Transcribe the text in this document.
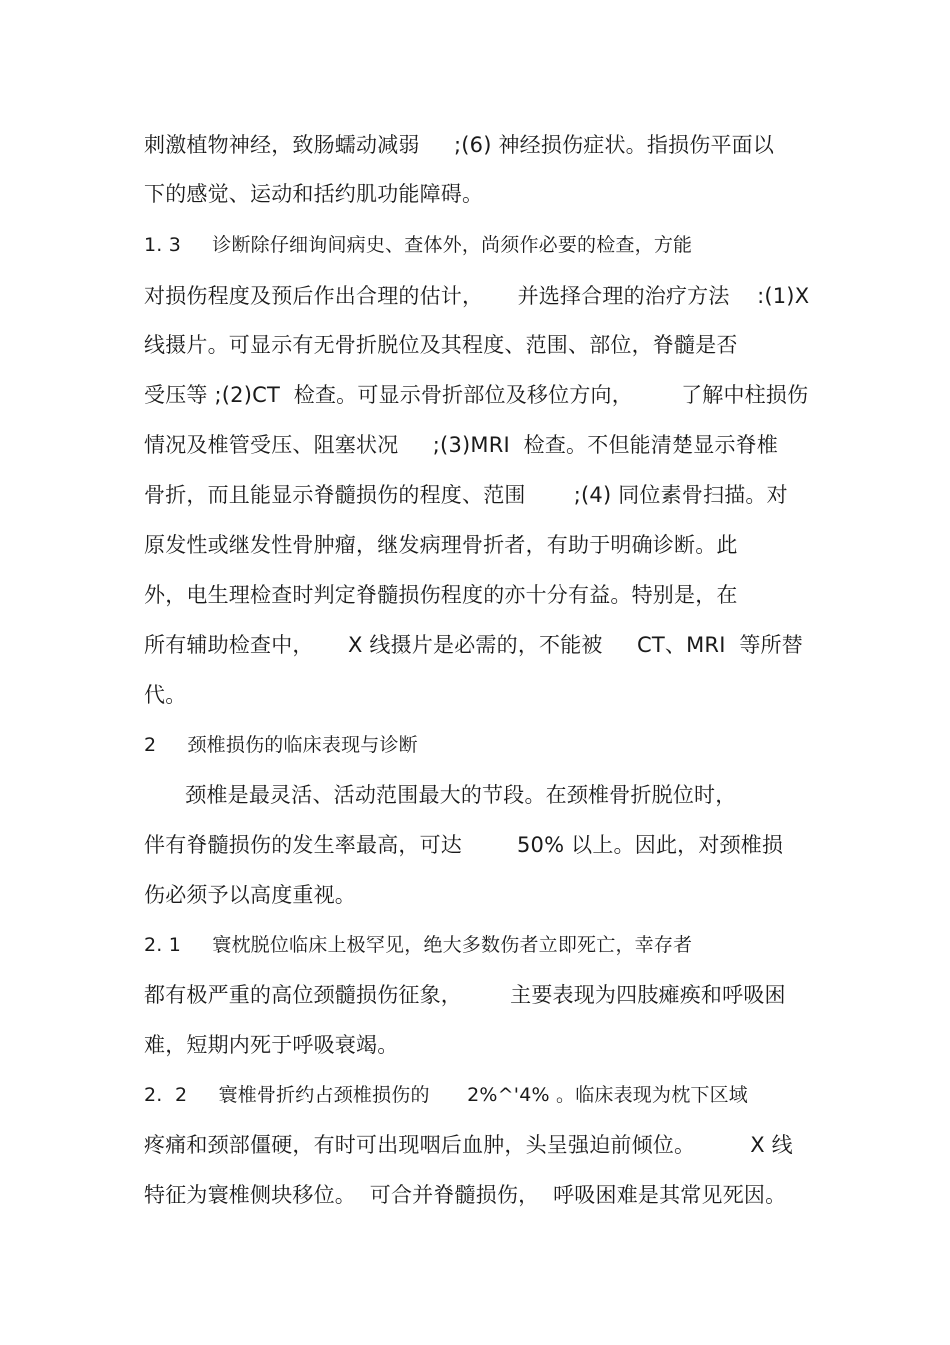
刺激植物神经，致肠蠕动减弱     ;(6) 神经损伤症状。指损伤平面以
下的感觉、运动和括约肌功能障碍。
1. 3     诊断除仔细询间病史、查体外，尚须作必要的检查，方能
对损伤程度及预后作出合理的估计，     并选择合理的治疗方法    :(1)X
线摄片。可显示有无骨折脱位及其程度、范围、部位，脊髓是否
受压等 ;(2)CT  检查。可显示骨折部位及移位方向，       了解中柱损伤
情况及椎管受压、阻塞状况     ;(3)MRI  检查。不但能清楚显示脊椎
骨折，而且能显示脊髓损伤的程度、范围       ;(4) 同位素骨扫描。对
原发性或继发性骨肿瘤，继发病理骨折者，有助于明确诊断。此
外，电生理检查时判定脊髓损伤程度的亦十分有益。特别是，在
所有辅助检查中，     X 线摄片是必需的，不能被     CT、MRI  等所替
代。
2     颈椎损伤的临床表现与诊断
颈椎是最灵活、活动范围最大的节段。在颈椎骨折脱位时，
伴有脊髓损伤的发生率最高，可达        50% 以上。因此，对颈椎损
伤必须予以高度重视。
2. 1     寰枕脱位临床上极罕见，绝大多数伤者立即死亡，幸存者
都有极严重的高位颈髓损伤征象，       主要表现为四肢瘫痪和呼吸困
难，短期内死于呼吸衰竭。
2.  2     寰椎骨折约占颈椎损伤的      2%^'4% 。临床表现为枕下区域
疼痛和颈部僵硬，有时可出现咽后血肿，头呈强迫前倾位。        X 线
特征为寰椎侧块移位。  可合并脊髓损伤，  呼吸困难是其常见死因。
